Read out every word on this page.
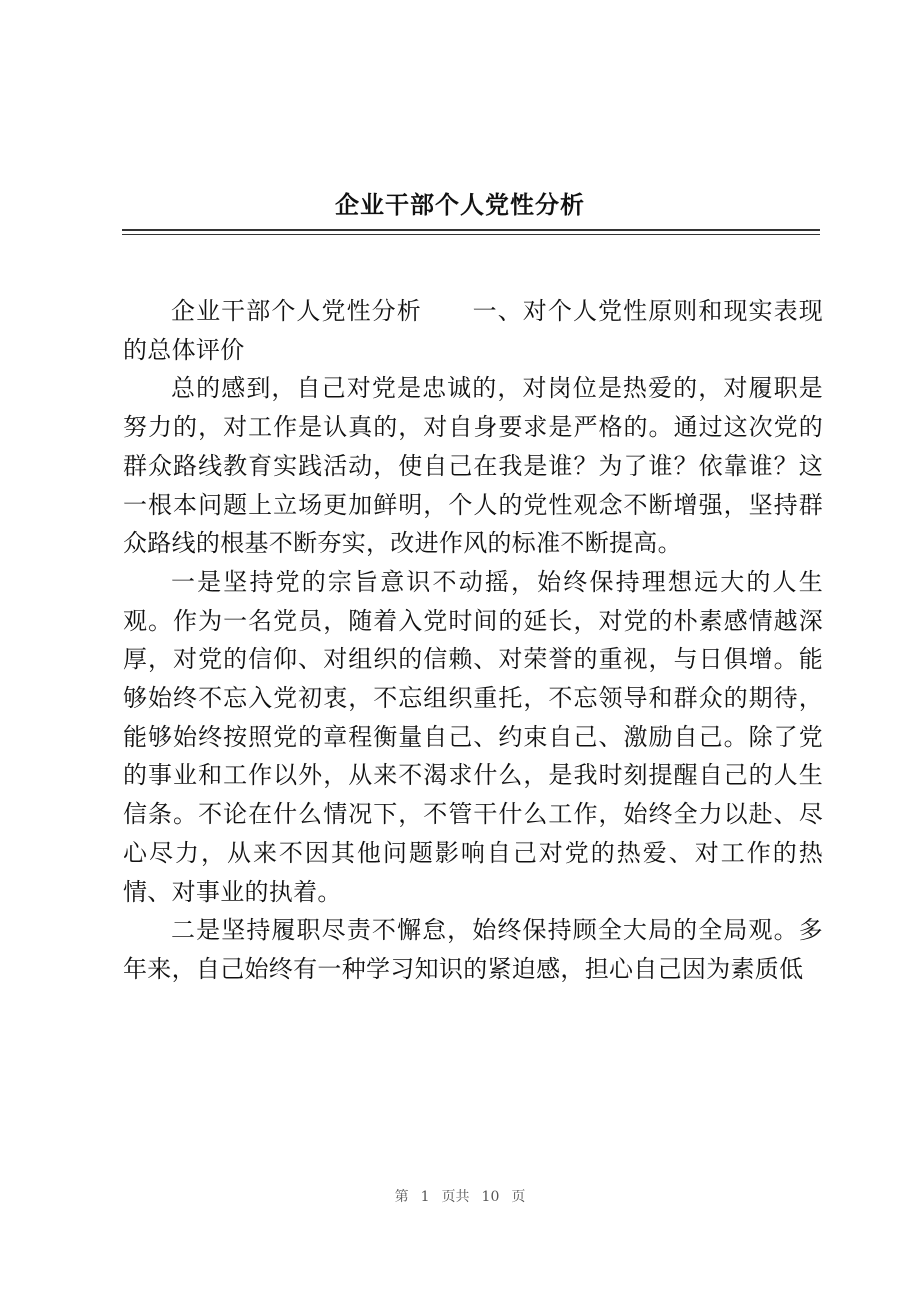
企业干部个人党性分析

企业干部个人党性分析 一、对个人党性原则和现实表现的总体评价

总的感到，自己对党是忠诚的，对岗位是热爱的，对履职是努力的，对工作是认真的，对自身要求是严格的。通过这次党的群众路线教育实践活动，使自己在我是谁？为了谁？依靠谁？这一根本问题上立场更加鲜明，个人的党性观念不断增强，坚持群众路线的根基不断夯实，改进作风的标准不断提高。

一是坚持党的宗旨意识不动摇，始终保持理想远大的人生观。作为一名党员，随着入党时间的延长，对党的朴素感情越深厚，对党的信仰、对组织的信赖、对荣誉的重视，与日俱增。能够始终不忘入党初衷，不忘组织重托，不忘领导和群众的期待，能够始终按照党的章程衡量自己、约束自己、激励自己。除了党的事业和工作以外，从来不渴求什么，是我时刻提醒自己的人生信条。不论在什么情况下，不管干什么工作，始终全力以赴、尽心尽力，从来不因其他问题影响自己对党的热爱、对工作的热情、对事业的执着。

二是坚持履职尽责不懈怠，始终保持顾全大局的全局观。多年来，自己始终有一种学习知识的紧迫感，担心自己因为素质低

第 1 页共 10 页
